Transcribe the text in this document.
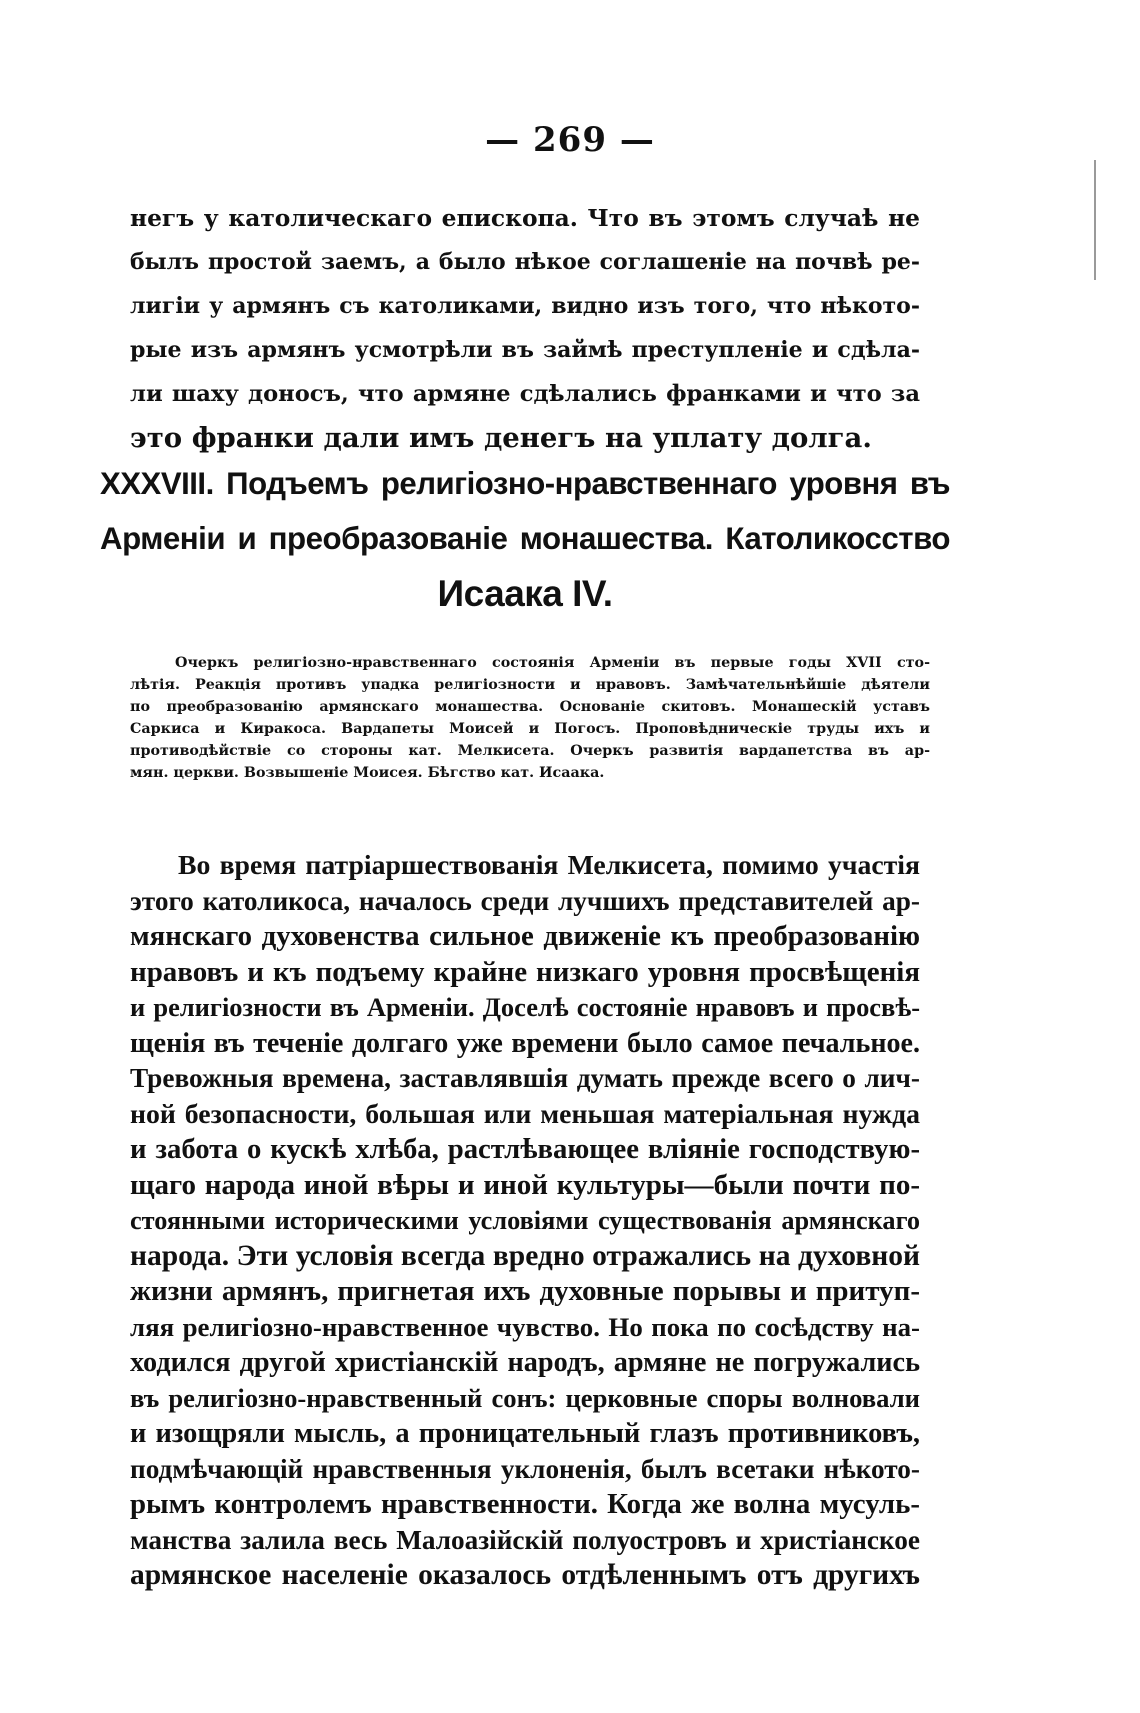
— 269 —
негъ у католическаго епископа. Что въ этомъ случаѣ не
былъ простой заемъ, а было нѣкое соглашеніе на почвѣ ре-
лигіи у армянъ съ католиками, видно изъ того, что нѣкото-
рые изъ армянъ усмотрѣли въ займѣ преступленіе и сдѣла-
ли шаху доносъ, что армяне сдѣлались франками и что за
это франки дали имъ денегъ на уплату долга.
XXXVIII. Подъемъ религіозно-нравственнаго уровня въ
Арменіи и преобразованіе монашества. Католикосство
Исаака IV.
Очеркъ религіозно-нравственнаго состоянія Арменіи въ первые годы XVII сто-
лѣтія. Реакція противъ упадка религіозности и нравовъ. Замѣчательнѣйшіе дѣятели
по преобразованію армянскаго монашества. Основаніе скитовъ. Монашескій уставъ
Саркиса и Киракоса. Вардапеты Моисей и Погосъ. Проповѣдническіе труды ихъ и
противодѣйствіе со стороны кат. Мелкисета. Очеркъ развитія вардапетства въ ар-
мян. церкви. Возвышеніе Моисея. Бѣгство кат. Исаака.
Во время патріаршествованія Мелкисета, помимо участія
этого католикоса, началось среди лучшихъ представителей ар-
мянскаго духовенства сильное движеніе къ преобразованію
нравовъ и къ подъему крайне низкаго уровня просвѣщенія
и религіозности въ Арменіи. Доселѣ состояніе нравовъ и просвѣ-
щенія въ теченіе долгаго уже времени было самое печальное.
Тревожныя времена, заставлявшія думать прежде всего о лич-
ной безопасности, большая или меньшая матеріальная нужда
и забота о кускѣ хлѣба, растлѣвающее вліяніе господствую-
щаго народа иной вѣры и иной культуры—были почти по-
стоянными историческими условіями существованія армянскаго
народа. Эти условія всегда вредно отражались на духовной
жизни армянъ, пригнетая ихъ духовные порывы и притуп-
ляя религіозно-нравственное чувство. Но пока по сосѣдству на-
ходился другой христіанскій народъ, армяне не погружались
въ религіозно-нравственный сонъ: церковные споры волновали
и изощряли мысль, а проницательный глазъ противниковъ,
подмѣчающій нравственныя уклоненія, былъ всетаки нѣкото-
рымъ контролемъ нравственности. Когда же волна мусуль-
манства залила весь Малоазійскій полуостровъ и христіанское
армянское населеніе оказалось отдѣленнымъ отъ другихъ
